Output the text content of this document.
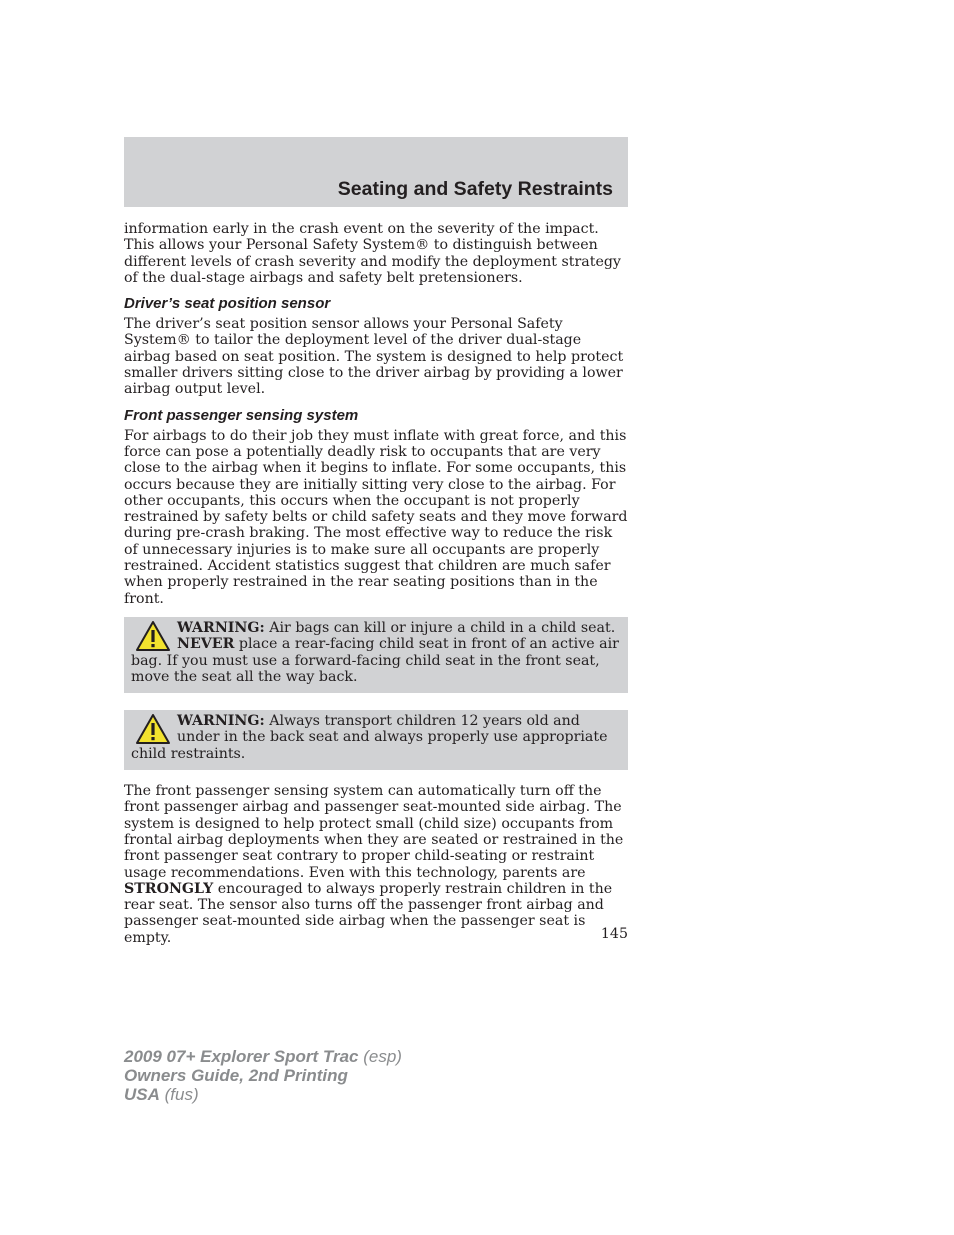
Seating and Safety Restraints

information early in the crash event on the severity of the impact. This allows your Personal Safety System® to distinguish between different levels of crash severity and modify the deployment strategy of the dual-stage airbags and safety belt pretensioners.

Driver’s seat position sensor

The driver’s seat position sensor allows your Personal Safety System® to tailor the deployment level of the driver dual-stage airbag based on seat position. The system is designed to help protect smaller drivers sitting close to the driver airbag by providing a lower airbag output level.

Front passenger sensing system

For airbags to do their job they must inflate with great force, and this force can pose a potentially deadly risk to occupants that are very close to the airbag when it begins to inflate. For some occupants, this occurs because they are initially sitting very close to the airbag. For other occupants, this occurs when the occupant is not properly restrained by safety belts or child safety seats and they move forward during pre-crash braking. The most effective way to reduce the risk of unnecessary injuries is to make sure all occupants are properly restrained. Accident statistics suggest that children are much safer when properly restrained in the rear seating positions than in the front.

WARNING: Air bags can kill or injure a child in a child seat.
NEVER place a rear-facing child seat in front of an active air bag. If you must use a forward-facing child seat in the front seat, move the seat all the way back.
WARNING: Always transport children 12 years old and under in the back seat and always properly use appropriate child restraints.

The front passenger sensing system can automatically turn off the front passenger airbag and passenger seat-mounted side airbag. The system is designed to help protect small (child size) occupants from frontal airbag deployments when they are seated or restrained in the front passenger seat contrary to proper child-seating or restraint usage recommendations. Even with this technology, parents are STRONGLY encouraged to always properly restrain children in the rear seat. The sensor also turns off the passenger front airbag and passenger seat-mounted side airbag when the passenger seat is empty.	145
2009 07+ Explorer Sport Trac (esp)
Owners Guide, 2nd Printing
USA (fus)
